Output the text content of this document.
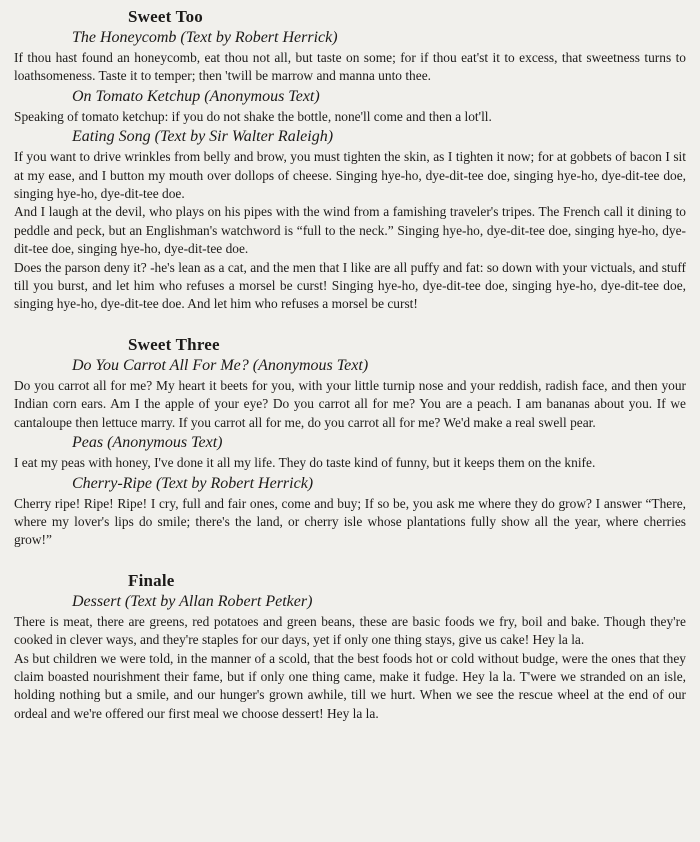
Sweet Too
The Honeycomb (Text by Robert Herrick)

If thou hast found an honeycomb, eat thou not all, but taste on some; for if thou eat'st it to excess, that sweetness turns to loathsomeness. Taste it to temper; then 'twill be marrow and manna unto thee.

On Tomato Ketchup (Anonymous Text)

Speaking of tomato ketchup: if you do not shake the bottle, none'll come and then a lot'll.

Eating Song (Text by Sir Walter Raleigh)

If you want to drive wrinkles from belly and brow, you must tighten the skin, as I tighten it now; for at gobbets of bacon I sit at my ease, and I button my mouth over dollops of cheese. Singing hye-ho, dye-dit-tee doe, singing hye-ho, dye-dit-tee doe, singing hye-ho, dye-dit-tee doe.

And I laugh at the devil, who plays on his pipes with the wind from a famishing traveler's tripes. The French call it dining to peddle and peck, but an Englishman's watchword is “full to the neck.” Singing hye-ho, dye-dit-tee doe, singing hye-ho, dye-dit-tee doe, singing hye-ho, dye-dit-tee doe.

Does the parson deny it? -he's lean as a cat, and the men that I like are all puffy and fat: so down with your victuals, and stuff till you burst, and let him who refuses a morsel be curst! Singing hye-ho, dye-dit-tee doe, singing hye-ho, dye-dit-tee doe, singing hye-ho, dye-dit-tee doe. And let him who refuses a morsel be curst!

Sweet Three
Do You Carrot All For Me? (Anonymous Text)

Do you carrot all for me? My heart it beets for you, with your little turnip nose and your reddish, radish face, and then your Indian corn ears. Am I the apple of your eye? Do you carrot all for me? You are a peach. I am bananas about you. If we cantaloupe then lettuce marry. If you carrot all for me, do you carrot all for me? We'd make a real swell pear.

Peas (Anonymous Text)

I eat my peas with honey, I've done it all my life. They do taste kind of funny, but it keeps them on the knife.

Cherry-Ripe (Text by Robert Herrick)

Cherry ripe! Ripe! Ripe! I cry, full and fair ones, come and buy; If so be, you ask me where they do grow? I answer “There, where my lover's lips do smile; there's the land, or cherry isle whose plantations fully show all the year, where cherries grow!”

Finale
Dessert (Text by Allan Robert Petker)

There is meat, there are greens, red potatoes and green beans, these are basic foods we fry, boil and bake. Though they're cooked in clever ways, and they're staples for our days, yet if only one thing stays, give us cake! Hey la la.

As but children we were told, in the manner of a scold, that the best foods hot or cold without budge, were the ones that they claim boasted nourishment their fame, but if only one thing came, make it fudge. Hey la la. T'were we stranded on an isle, holding nothing but a smile, and our hunger's grown awhile, till we hurt. When we see the rescue wheel at the end of our ordeal and we're offered our first meal we choose dessert! Hey la la.
